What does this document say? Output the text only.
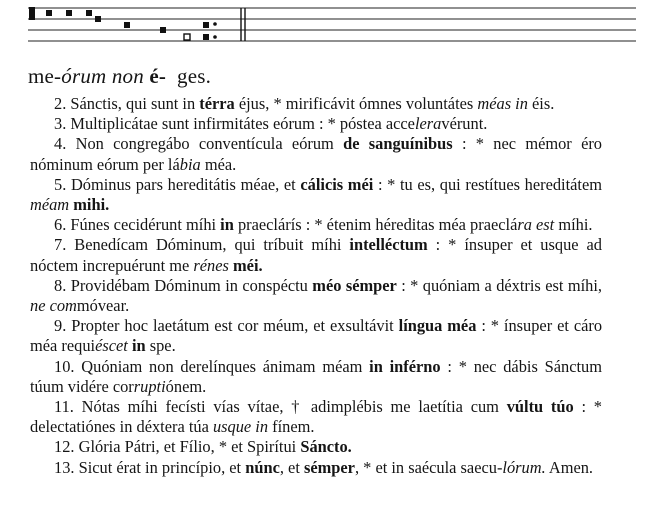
me-órum non é- ges.
2. Sánctis, qui sunt in térra éjus, * mirificávit ómnes voluntátes méas in éis.
3. Multiplicátae sunt infirmitátes eórum : * póstea acceleravérunt.
4. Non congregábo conventícula eórum de sanguínibus : * nec mémor éro nóminum eórum per lábia méa.
5. Dóminus pars hereditátis méae, et cálicis méi : * tu es, qui restítues hereditátem méam mihi.
6. Fúnes cecidérunt míhi in praeclárís : * étenim héreditas méa praeclára est míhi.
7. Benedícam Dóminum, qui tríbuit míhi intelléctum : * ínsuper et usque ad nóctem increpuérunt me rénes méi.
8. Providébam Dóminum in conspéctu méo sémper : * quóniam a déxtris est míhi, ne commóvear.
9. Propter hoc laetátum est cor méum, et exsultávit língua méa : * ínsuper et cáro méa requiéscet in spe.
10. Quóniam non derelínques ánimam méam in inférno : * nec dábis Sánctum túum vidére corruptiónem.
11. Nótas míhi fecísti vías vítae, † adimplébis me laetítia cum vúltu túo : * delectatiónes in déxtera túa usque in fínem.
12. Glória Pátri, et Fílio, * et Spirítui Sáncto.
13. Sicut érat in princípio, et núnc, et sémper, * et in saécula saecu-lórum. Amen.
